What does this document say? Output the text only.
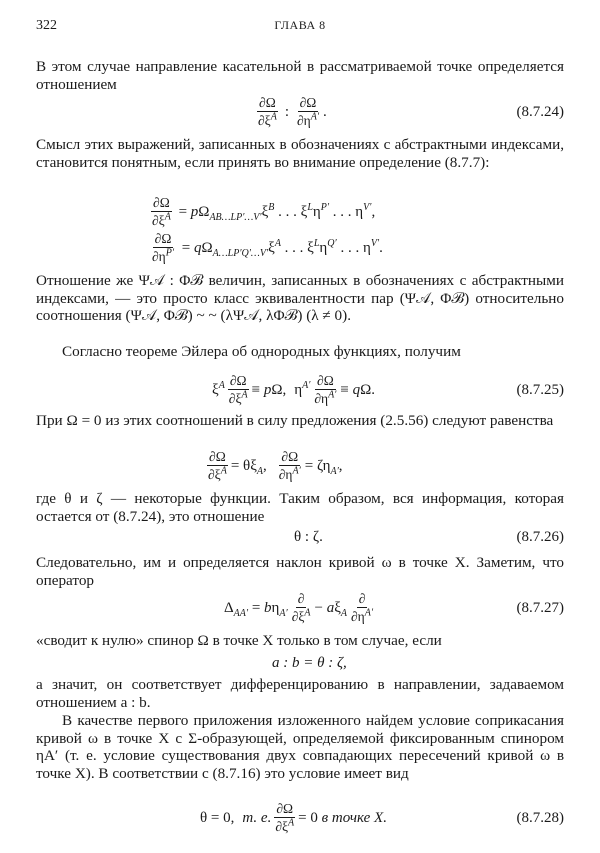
322	ГЛАВА 8

В этом случае направление касательной в рассматриваемой точке определяется отношением

∂Ω
$\partial\xi^A$ :
∂Ω
$\partial\eta^{A'}$ .	(8.7.24)

Смысл этих выражений, записанных в обозначениях с абстрактными индексами, становится понятным, если принять во внимание определение (8.7.7):

$\frac{\partial\Omega}{\partial\xi^A} = p\Omega_{AB\dots LP'\dots V'}\xi^B$ . . . $\xi^L\eta^{P'}$ . . . $\eta^{V'}$,
$\frac{\partial\Omega}{\partial\eta^{P'}} = q\Omega_{A\dots LP'Q'\dots V'}\xi^A$ . . . $\xi^L\eta^{Q'}$ . . . $\eta^{V'}$.

Отношение же Ψ𝒜 : Φℬ величин, записанных в обозначениях с абстрактными индексами, — это просто класс эквивалентности пар (Ψ𝒜, Φℬ) относительно соотношения (Ψ𝒜, Φℬ) ~ ~ (λΨ𝒜, λΦℬ) (λ ≠ 0).

Согласно теореме Эйлера об однородных функциях, получим

$\xi^A$ ∂Ω
$\partial\xi^A \equiv p\Omega$, $\eta^{A'}$ ∂Ω
$\partial\eta^{A'} \equiv q\Omega$.	(8.7.25)

При Ω = 0 из этих соотношений в силу предложения (2.5.56) следуют равенства

$\frac{\partial\Omega}{\partial\xi^A} = \theta\xi_A$, $\frac{\partial\Omega}{\partial\eta^{A'}} = \zeta\eta_{A'}$,

где θ и ζ — некоторые функции. Таким образом, вся информация, которая остается от (8.7.24), это отношение

θ : ζ.	(8.7.26)

Следовательно, им и определяется наклон кривой ω в точке X. Заметим, что оператор

$\Delta_{AA'} = b\eta_{A'}$
∂
$\partial\xi^A - a\xi_A$
∂
$\partial\eta^{A'}$	(8.7.27)

«сводит к нулю» спинор Ω в точке X только в том случае, если

a : b = θ : ζ,

а значит, он соответствует дифференцированию в направлении, задаваемом отношением a : b.

В качестве первого приложения изложенного найдем условие соприкасания кривой ω в точке X с Σ-образующей, определяемой фиксированным спинором ηA′ (т. е. условие существования двух совпадающих пересечений кривой ω в точке X). В соответствии с (8.7.16) это условие имеет вид

θ = 0, т. е. $\frac{\partial\Omega}{\partial\xi^A} = 0$ в точке X.	(8.7.28)
